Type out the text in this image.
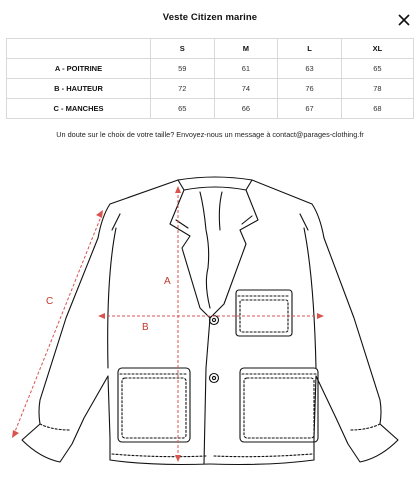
Veste Citizen marine
	S	M	L	XL
A - POITRINE	59	61	63	65
B - HAUTEUR	72	74	76	78
C - MANCHES	65	66	67	68
Un doute sur le choix de votre taille? Envoyez-nous un message à contact@parages-clothing.fr
A
B
C
